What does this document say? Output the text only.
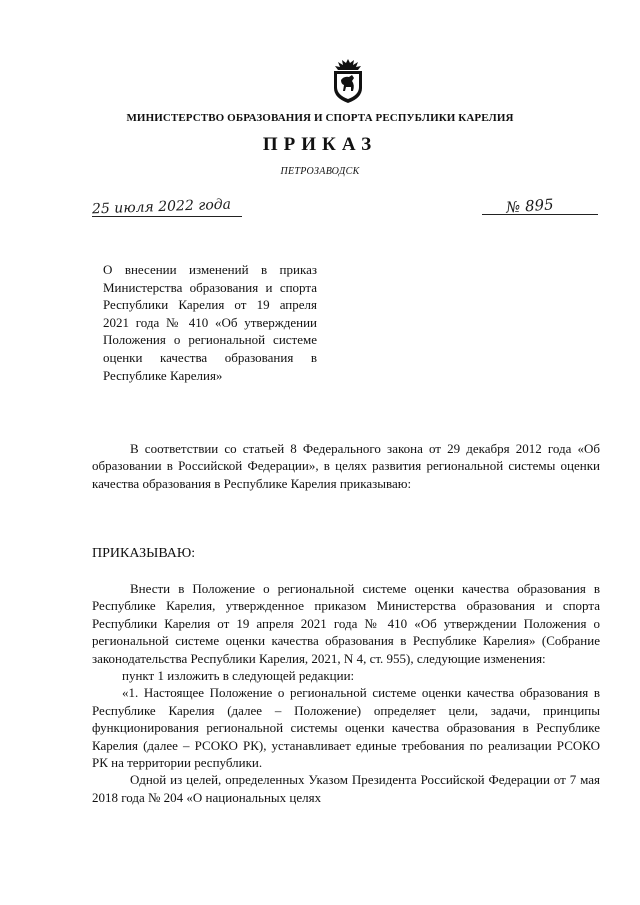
МИНИСТЕРСТВО ОБРАЗОВАНИЯ И СПОРТА РЕСПУБЛИКИ КАРЕЛИЯ
ПРИКАЗ
ПЕТРОЗАВОДСК
25 июля 2022 года	№ 895
О внесении изменений в приказ Министерства образования и спорта Республики Карелия от 19 апреля 2021 года № 410 «Об утверждении Положения о региональной системе оценки качества образования в Республике Карелия»

В соответствии со статьей 8 Федерального закона от 29 декабря 2012 года «Об образовании в Российской Федерации», в целях развития региональной системы оценки качества образования в Республике Карелия приказываю:

ПРИКАЗЫВАЮ:

Внести в Положение о региональной системе оценки качества образования в Республике Карелия, утвержденное приказом Министерства образования и спорта Республики Карелия от 19 апреля 2021 года № 410 «Об утверждении Положения о региональной системе оценки качества образования в Республике Карелия» (Собрание законодательства Республики Карелия, 2021, N 4, ст. 955), следующие изменения:

пункт 1 изложить в следующей редакции:

«1. Настоящее Положение о региональной системе оценки качества образования в Республике Карелия (далее – Положение) определяет цели, задачи, принципы функционирования региональной системы оценки качества образования в Республике Карелия (далее – РСОКО РК), устанавливает единые требования по реализации РСОКО РК на территории республики.

Одной из целей, определенных Указом Президента Российской Федерации от 7 мая 2018 года № 204 «О национальных целях
